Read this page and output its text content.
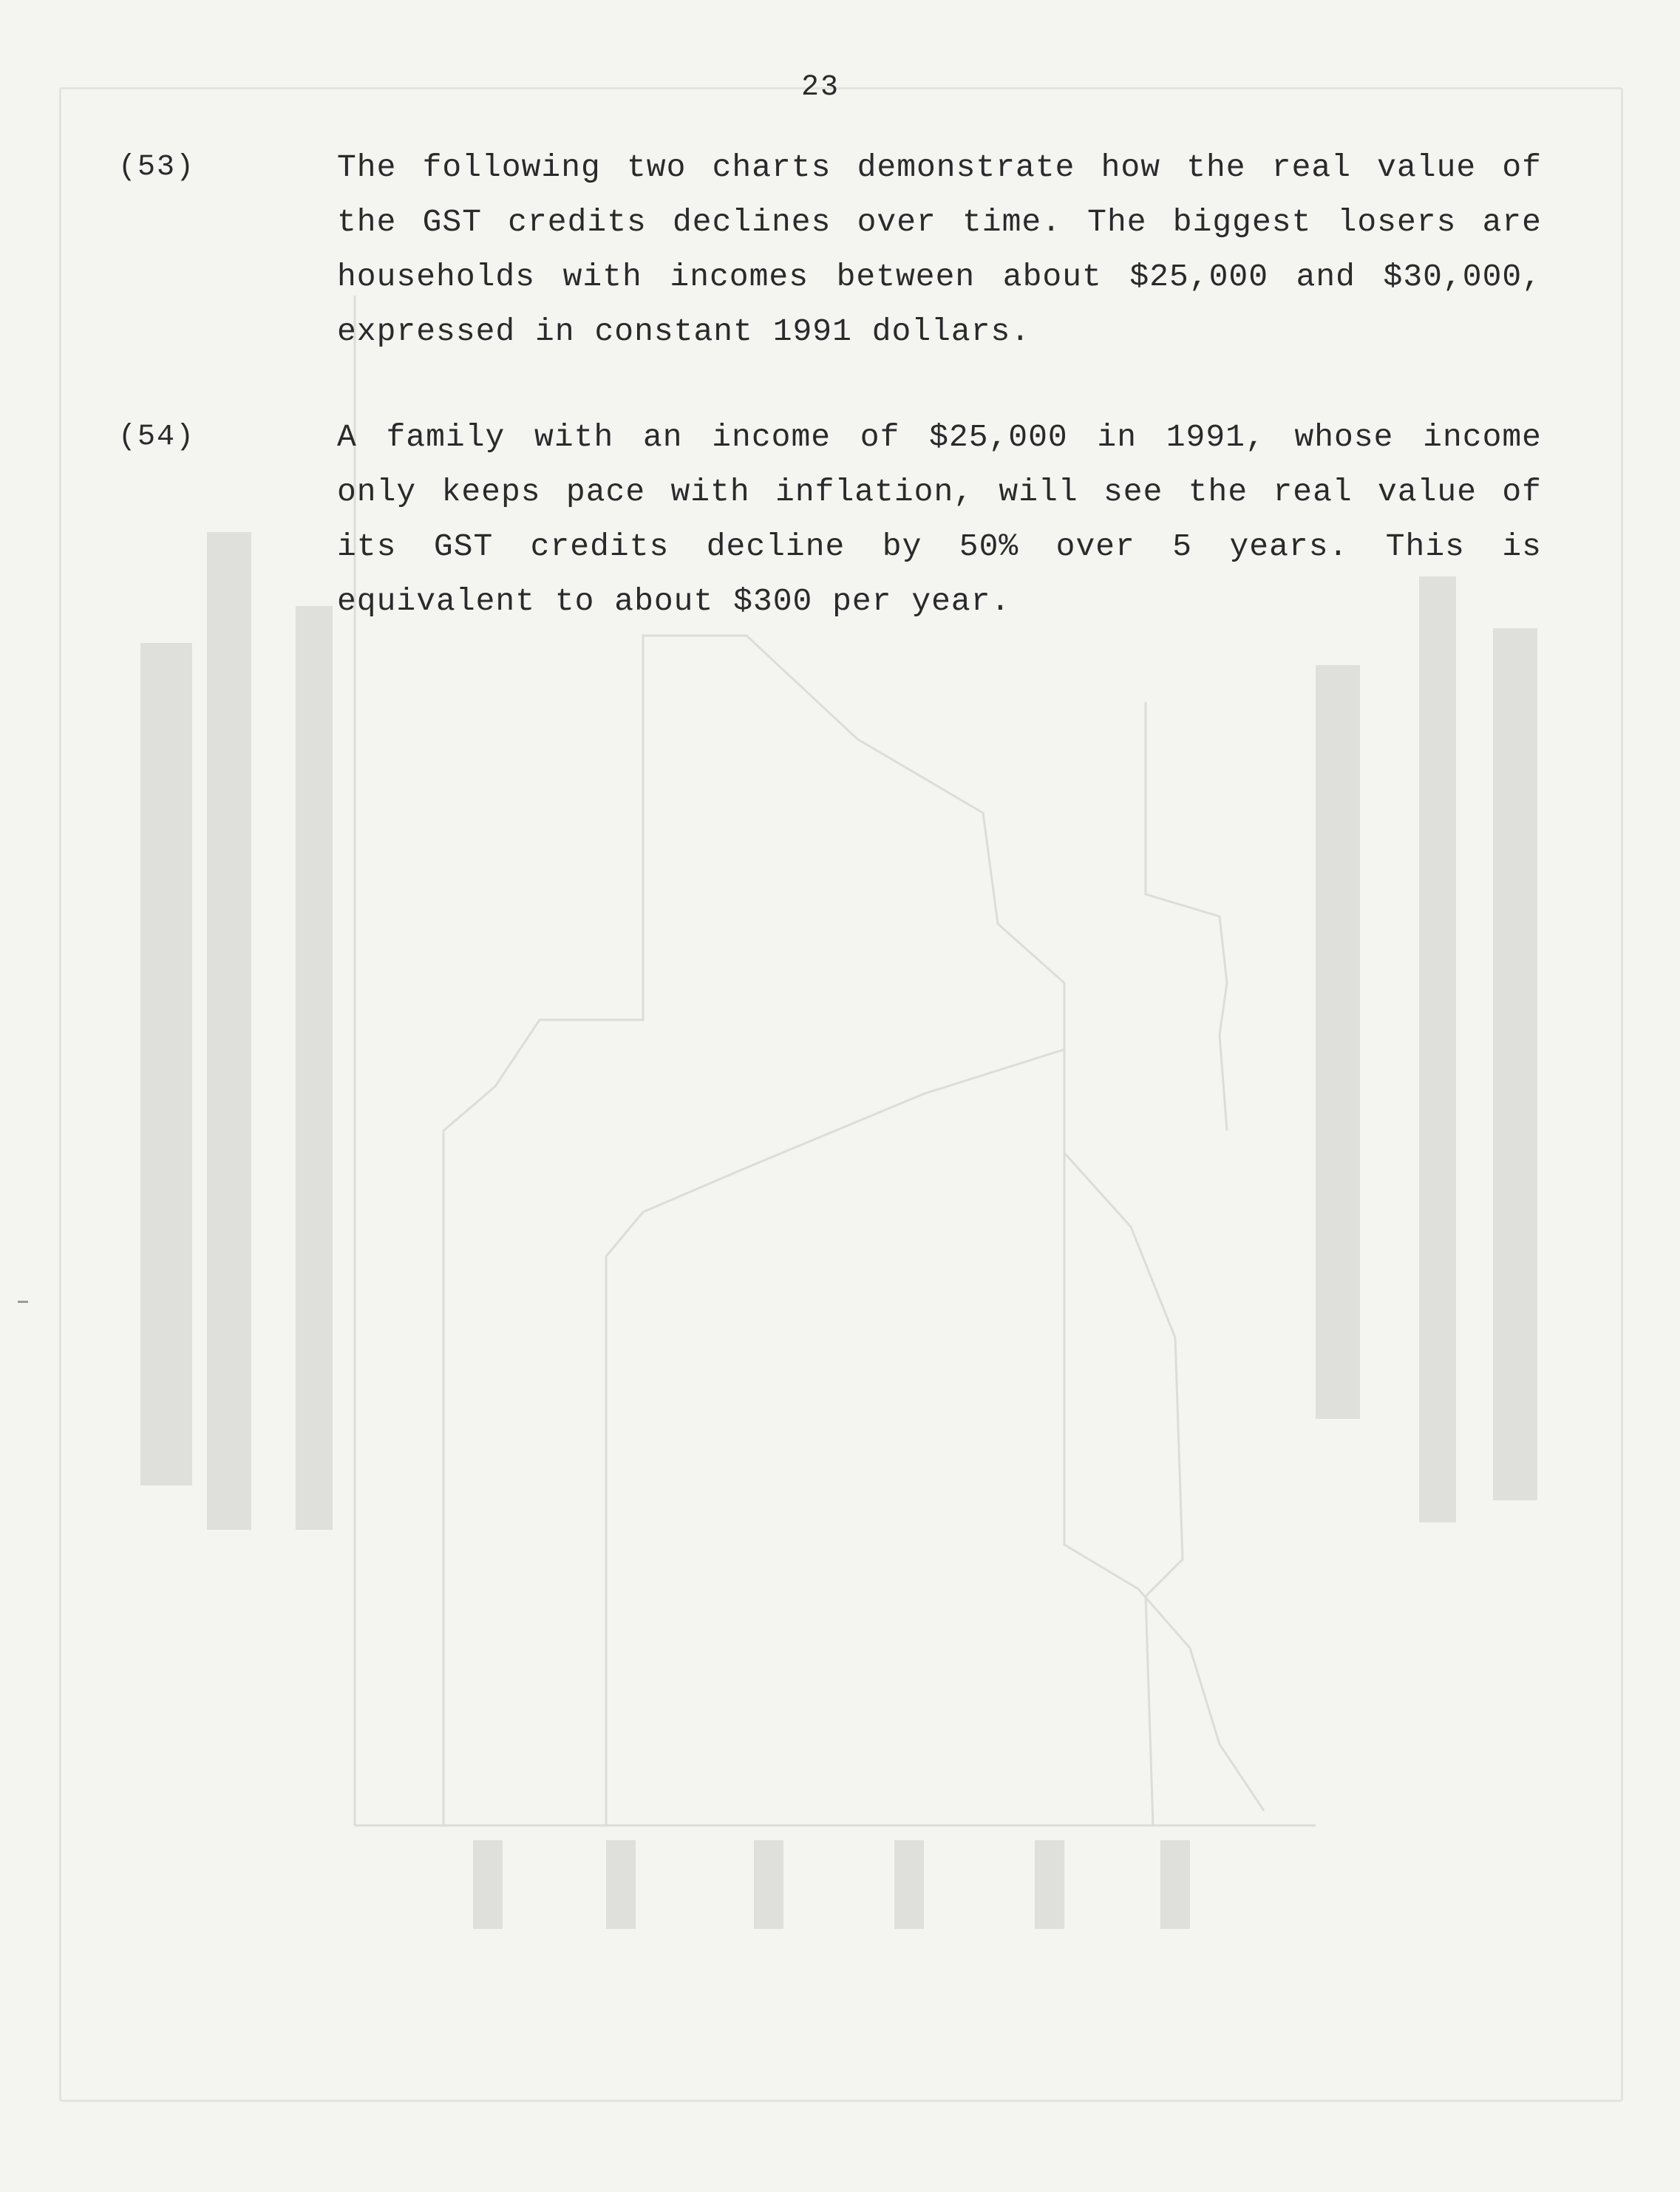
23
(53)	The following two charts demonstrate how the real value of the GST credits declines over time. The biggest losers are households with incomes between about $25,000 and $30,000, expressed in constant 1991 dollars.
(54)	A family with an income of $25,000 in 1991, whose income only keeps pace with inflation, will see the real value of its GST credits decline by 50% over 5 years. This is equivalent to about $300 per year.
